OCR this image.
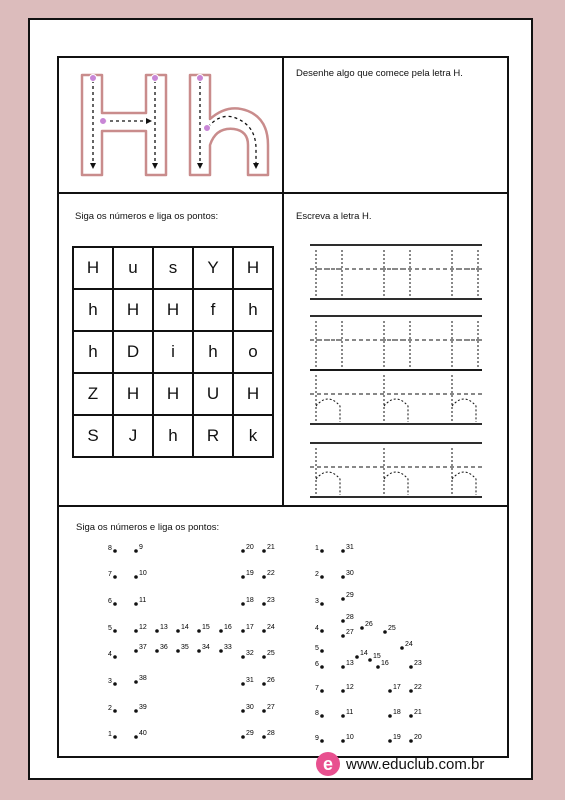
Desenhe algo que comece pela letra H.
Siga os números e liga os pontos:
H	u	s	Y	H
h	H	H	f	h
h	D	i	h	o
Z	H	H	U	H
S	J	h	R	k
Escreva a letra H.
Siga os números e liga os pontos:
8
7
6
5
4
3
2
1
9
10
11
12
37
38
39
40
13 14 15 16 17
36 35 34 33
20
19
18
32
31
30
29
21
22
23
24
25
26
27
28
1
2
3
4
5
6
7
8
9
31
30
29
28
27
13
12
11
10
26
25
24
14 15
16	23
17
18
19
22
21
20
e www.educlub.com.br
